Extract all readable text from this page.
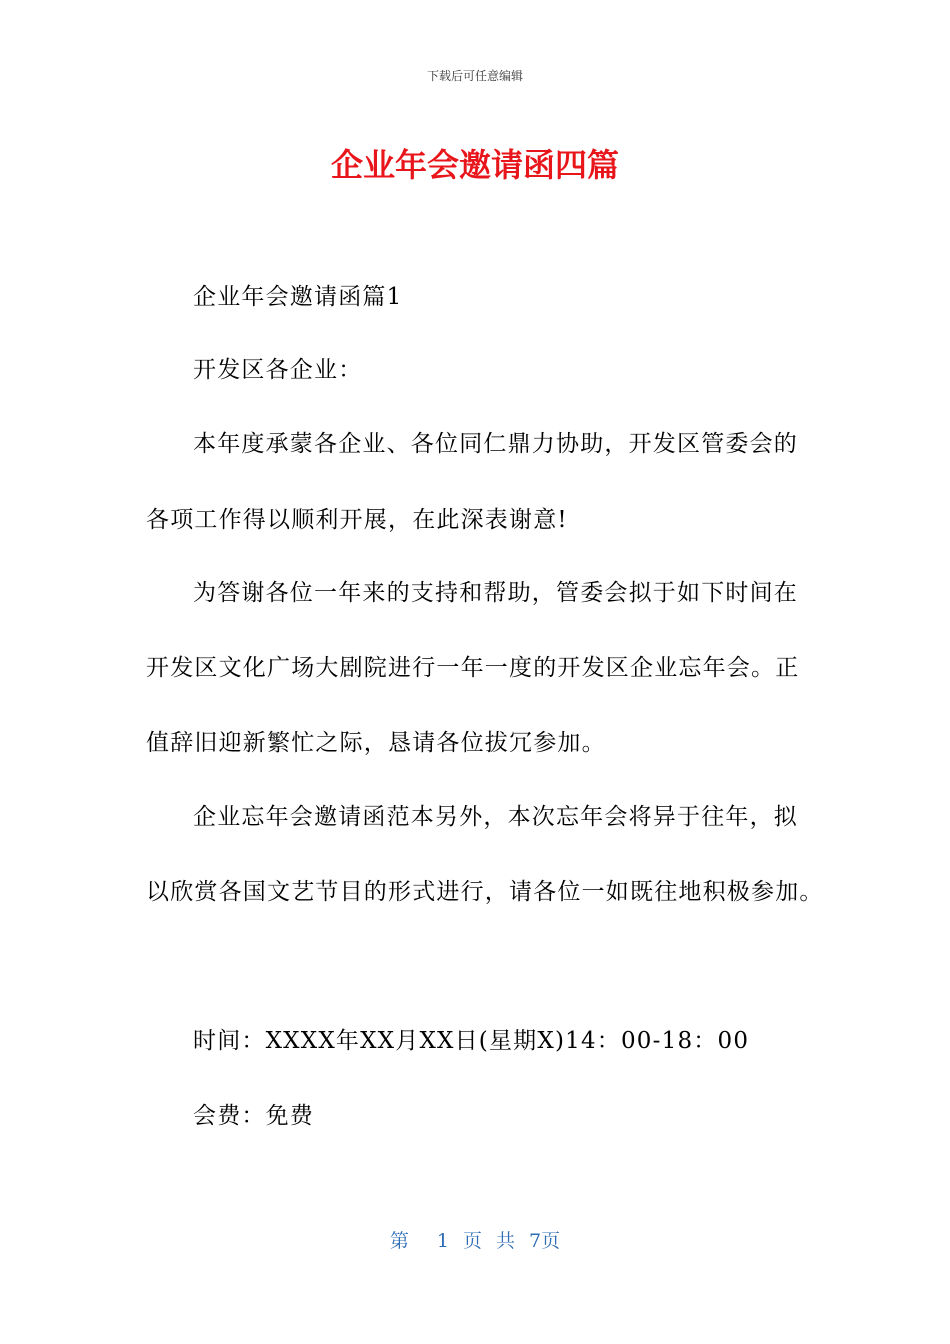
下载后可任意编辑
企业年会邀请函四篇
企业年会邀请函篇1
开发区各企业：
本年度承蒙各企业、各位同仁鼎力协助，开发区管委会的
各项工作得以顺利开展，在此深表谢意!
为答谢各位一年来的支持和帮助，管委会拟于如下时间在
开发区文化广场大剧院进行一年一度的开发区企业忘年会。正
值辞旧迎新繁忙之际，恳请各位拔冗参加。
企业忘年会邀请函范本另外，本次忘年会将异于往年，拟
以欣赏各国文艺节目的形式进行，请各位一如既往地积极参加。
时间：XXXX年XX月XX日(星期X)14：00-18：00
会费：免费
第 1 页 共 7页
